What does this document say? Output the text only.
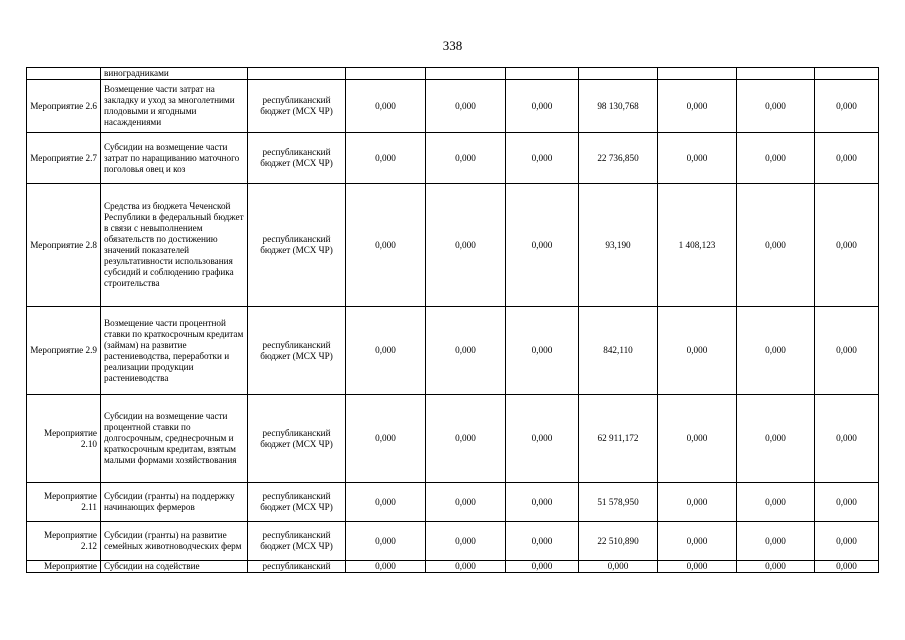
338
	виноградниками								
Мероприятие 2.6	Возмещение части затрат на закладку и уход за многолетними плодовыми и ягодными насаждениями	республиканский бюджет (МСХ ЧР)	0,000	0,000	0,000	98 130,768	0,000	0,000	0,000
Мероприятие 2.7	Субсидии на возмещение части затрат по наращиванию маточного поголовья овец и коз	республиканский бюджет (МСХ ЧР)	0,000	0,000	0,000	22 736,850	0,000	0,000	0,000
Мероприятие 2.8	Средства из бюджета Чеченской Республики в федеральный бюджет в связи с невыполнением обязательств по достижению значений показателей результативности использования субсидий и соблюдению графика строительства	республиканский бюджет (МСХ ЧР)	0,000	0,000	0,000	93,190	1 408,123	0,000	0,000
Мероприятие 2.9	Возмещение части процентной ставки по краткосрочным кредитам (займам) на развитие растениеводства, переработки и реализации продукции растениеводства	республиканский бюджет (МСХ ЧР)	0,000	0,000	0,000	842,110	0,000	0,000	0,000
Мероприятие 2.10	Субсидии на возмещение части процентной ставки по долгосрочным, среднесрочным и краткосрочным кредитам, взятым малыми формами хозяйствования	республиканский бюджет (МСХ ЧР)	0,000	0,000	0,000	62 911,172	0,000	0,000	0,000
Мероприятие 2.11	Субсидии (гранты) на поддержку начинающих фермеров	республиканский бюджет (МСХ ЧР)	0,000	0,000	0,000	51 578,950	0,000	0,000	0,000
Мероприятие 2.12	Субсидии (гранты) на развитие семейных животноводческих ферм	республиканский бюджет (МСХ ЧР)	0,000	0,000	0,000	22 510,890	0,000	0,000	0,000
Мероприятие	Субсидии на содействие	республиканский	0,000	0,000	0,000	0,000	0,000	0,000	0,000
